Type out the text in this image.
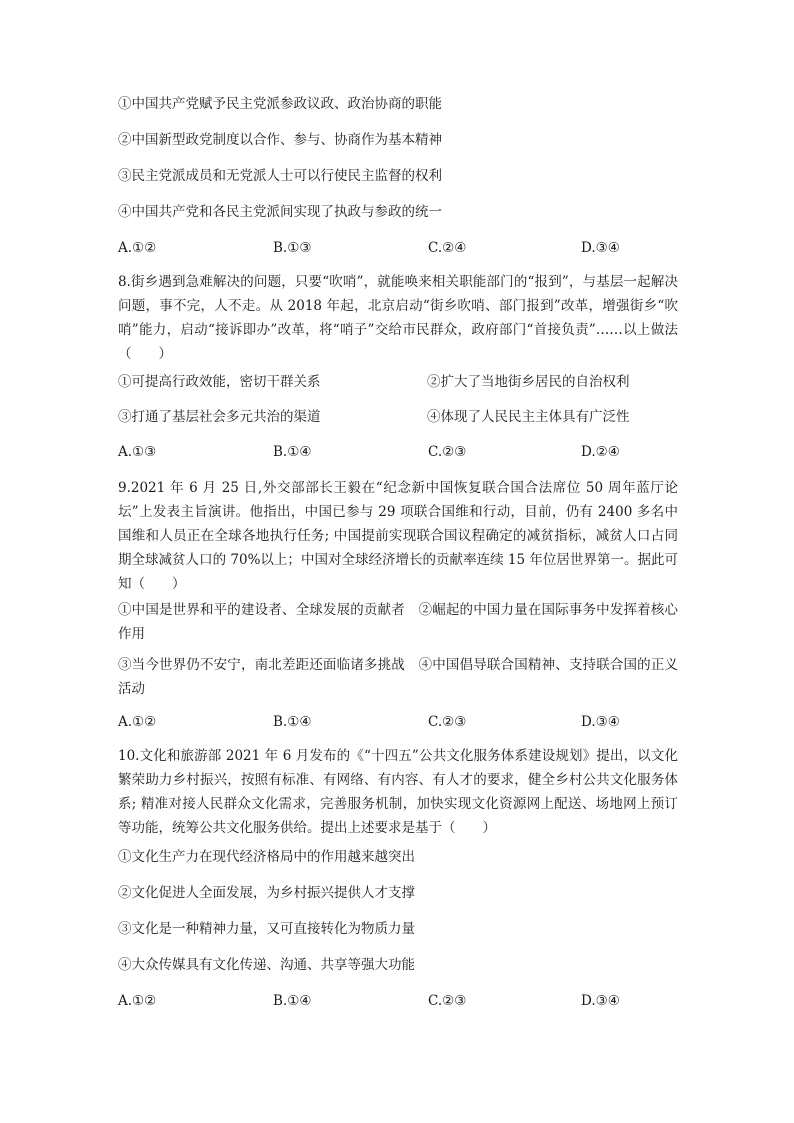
①中国共产党赋予民主党派参政议政、政治协商的职能
②中国新型政党制度以合作、参与、协商作为基本精神
③民主党派成员和无党派人士可以行使民主监督的权利
④中国共产党和各民主党派间实现了执政与参政的统一
A.①②	B.①③	C.②④	D.③④
8.街乡遇到急难解决的问题，只要“吹哨”，就能唤来相关职能部门的“报到”，与基层一起解决问题，事不完，人不走。从 2018 年起，北京启动“街乡吹哨、部门报到”改革，增强街乡“吹哨”能力，启动“接诉即办”改革，将“哨子”交给市民群众，政府部门“首接负责”……以上做法（　　）
①可提高行政效能，密切干群关系	②扩大了当地街乡居民的自治权利
③打通了基层社会多元共治的渠道	④体现了人民民主主体具有广泛性
A.①③	B.①④	C.②③	D.②④
9.2021 年 6 月 25 日,外交部部长王毅在“纪念新中国恢复联合国合法席位 50 周年蓝厅论坛”上发表主旨演讲。他指出，中国已参与 29 项联合国维和行动，目前，仍有 2400 多名中国维和人员正在全球各地执行任务; 中国提前实现联合国议程确定的减贫指标，减贫人口占同期全球减贫人口的 70%以上；中国对全球经济增长的贡献率连续 15 年位居世界第一。据此可知（　　）
①中国是世界和平的建设者、全球发展的贡献者　②崛起的中国力量在国际事务中发挥着核心作用
③当今世界仍不安宁，南北差距还面临诸多挑战　④中国倡导联合国精神、支持联合国的正义活动
A.①②	B.①④	C.②③	D.③④
10.文化和旅游部 2021 年 6 月发布的《“十四五”公共文化服务体系建设规划》提出，以文化繁荣助力乡村振兴，按照有标准、有网络、有内容、有人才的要求，健全乡村公共文化服务体系; 精准对接人民群众文化需求，完善服务机制，加快实现文化资源网上配送、场地网上预订等功能，统筹公共文化服务供给。提出上述要求是基于（　　）
①文化生产力在现代经济格局中的作用越来越突出
②文化促进人全面发展，为乡村振兴提供人才支撑
③文化是一种精神力量，又可直接转化为物质力量
④大众传媒具有文化传递、沟通、共享等强大功能
A.①②	B.①④	C.②③	D.③④
